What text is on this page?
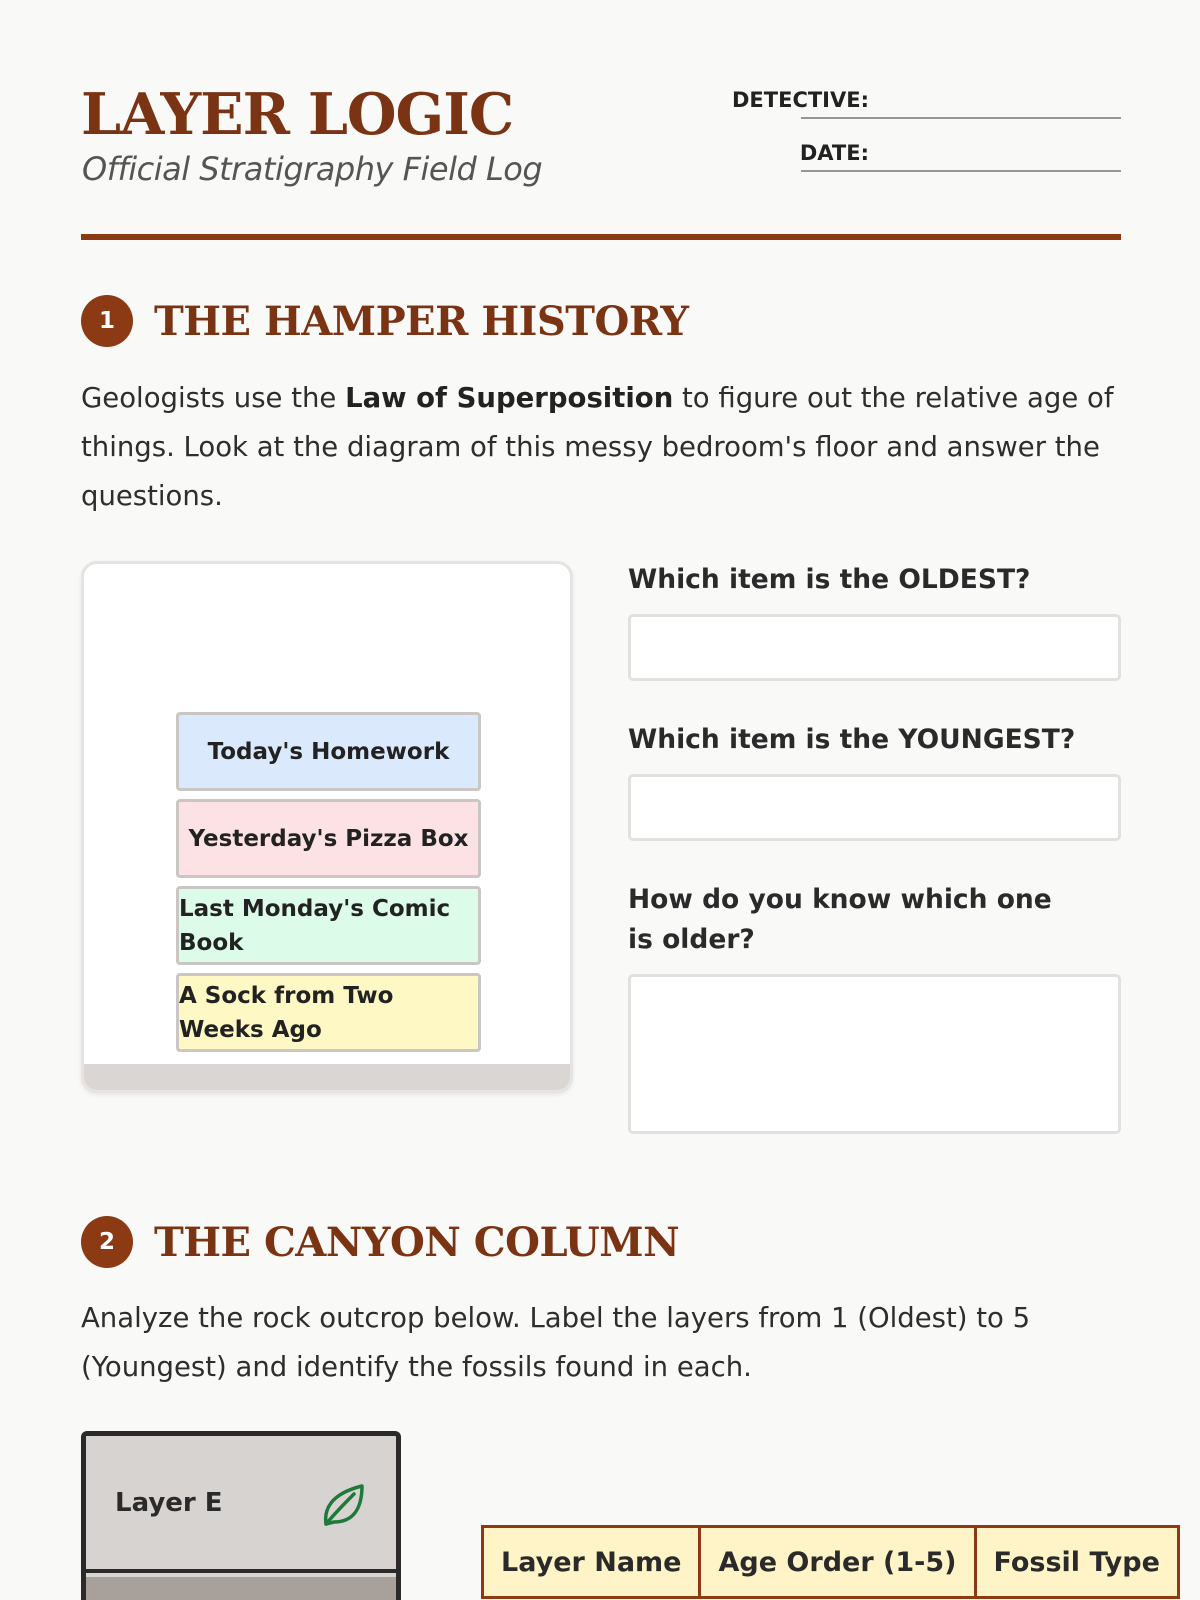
LAYER LOGIC
Official Stratigraphy Field Log
DETECTIVE:
DATE:
1 THE HAMPER HISTORY

Geologists use the Law of Superposition to figure out the relative age of things. Look at the diagram of this messy bedroom's floor and answer the questions.

Today's Homework
Yesterday's Pizza Box
Last Monday's Comic Book
A Sock from Two Weeks Ago
Which item is the OLDEST?
Which item is the YOUNGEST?
How do you know which one is older?
2 THE CANYON COLUMN

Analyze the rock outcrop below. Label the layers from 1 (Oldest) to 5 (Youngest) and identify the fossils found in each.

Layer E
Layer Name	Age Order (1-5)	Fossil Type
